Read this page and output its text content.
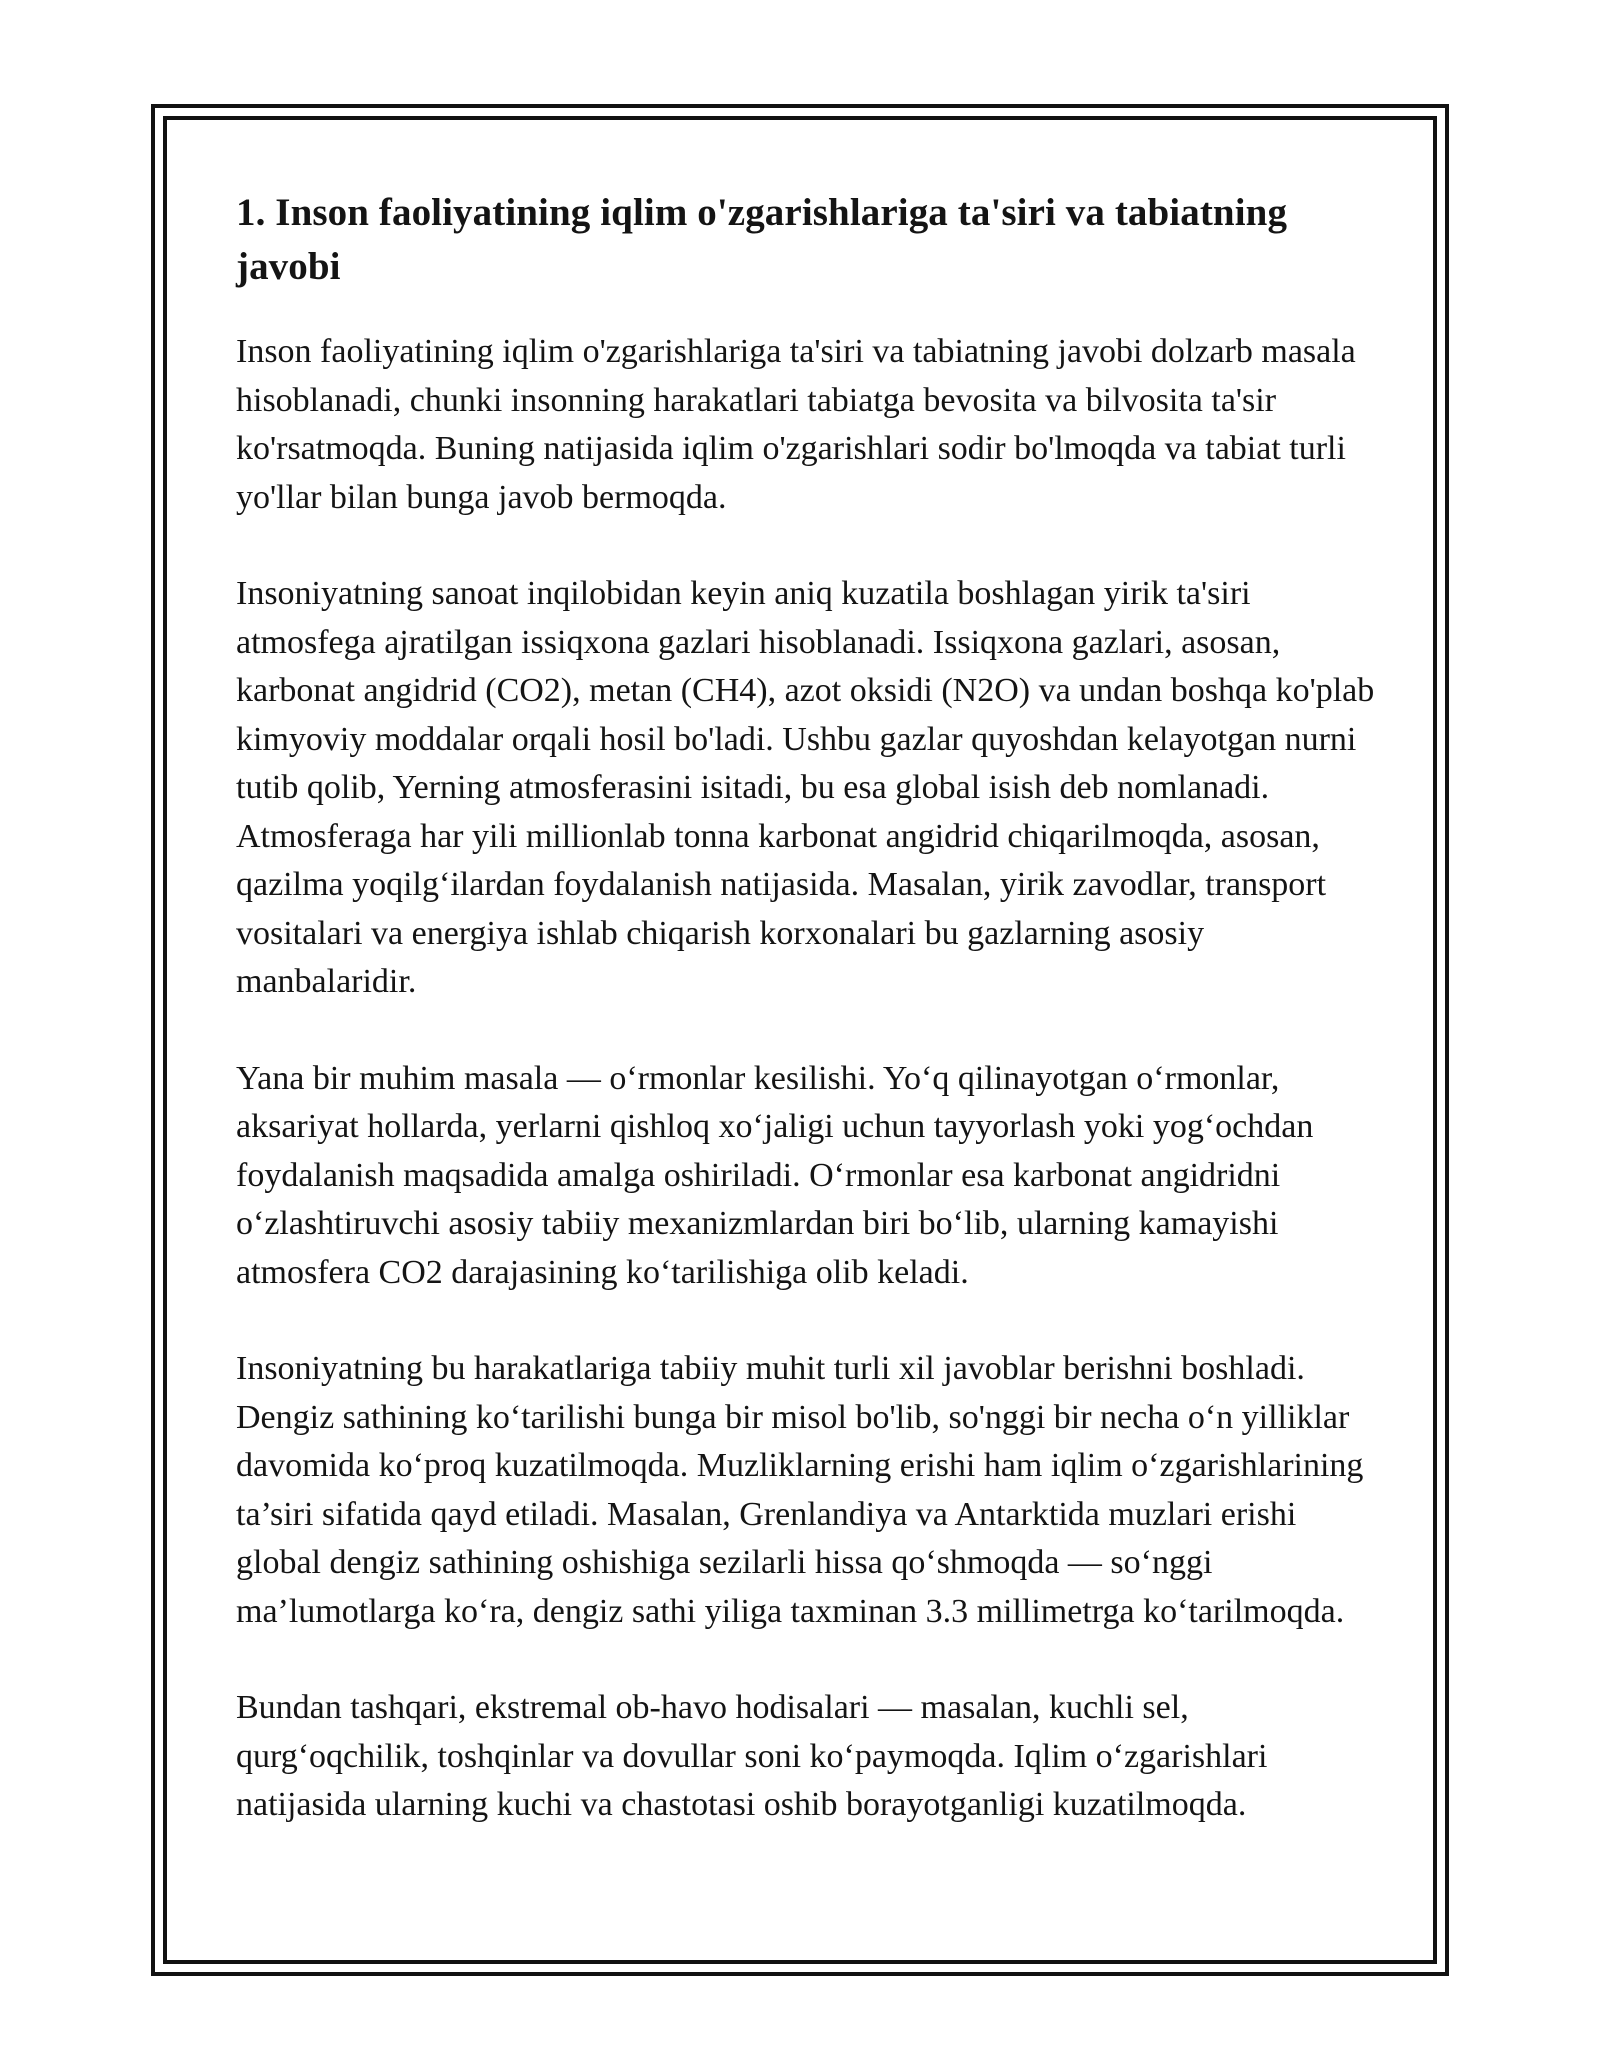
1. Inson faoliyatining iqlim o'zgarishlariga ta'siri va tabiatning javobi

Inson faoliyatining iqlim o'zgarishlariga ta'siri va tabiatning javobi dolzarb masala hisoblanadi, chunki insonning harakatlari tabiatga bevosita va bilvosita ta'sir ko'rsatmoqda. Buning natijasida iqlim o'zgarishlari sodir bo'lmoqda va tabiat turli yo'llar bilan bunga javob bermoqda.

Insoniyatning sanoat inqilobidan keyin aniq kuzatila boshlagan yirik ta'siri atmosfega ajratilgan issiqxona gazlari hisoblanadi. Issiqxona gazlari, asosan, karbonat angidrid (CO2), metan (CH4), azot oksidi (N2O) va undan boshqa ko'plab kimyoviy moddalar orqali hosil bo'ladi. Ushbu gazlar quyoshdan kelayotgan nurni tutib qolib, Yerning atmosferasini isitadi, bu esa global isish deb nomlanadi. Atmosferaga har yili millionlab tonna karbonat angidrid chiqarilmoqda, asosan, qazilma yoqilg‘ilardan foydalanish natijasida. Masalan, yirik zavodlar, transport vositalari va energiya ishlab chiqarish korxonalari bu gazlarning asosiy manbalaridir.

Yana bir muhim masala — o‘rmonlar kesilishi. Yo‘q qilinayotgan o‘rmonlar, aksariyat hollarda, yerlarni qishloq xo‘jaligi uchun tayyorlash yoki yog‘ochdan foydalanish maqsadida amalga oshiriladi. O‘rmonlar esa karbonat angidridni o‘zlashtiruvchi asosiy tabiiy mexanizmlardan biri bo‘lib, ularning kamayishi atmosfera CO2 darajasining ko‘tarilishiga olib keladi.

Insoniyatning bu harakatlariga tabiiy muhit turli xil javoblar berishni boshladi. Dengiz sathining ko‘tarilishi bunga bir misol bo'lib, so'nggi bir necha o‘n yilliklar davomida ko‘proq kuzatilmoqda. Muzliklarning erishi ham iqlim o‘zgarishlarining ta’siri sifatida qayd etiladi. Masalan, Grenlandiya va Antarktida muzlari erishi global dengiz sathining oshishiga sezilarli hissa qo‘shmoqda — so‘nggi ma’lumotlarga ko‘ra, dengiz sathi yiliga taxminan 3.3 millimetrga ko‘tarilmoqda.

Bundan tashqari, ekstremal ob-havo hodisalari — masalan, kuchli sel, qurg‘oqchilik, toshqinlar va dovullar soni ko‘paymoqda. Iqlim o‘zgarishlari natijasida ularning kuchi va chastotasi oshib borayotganligi kuzatilmoqda.
